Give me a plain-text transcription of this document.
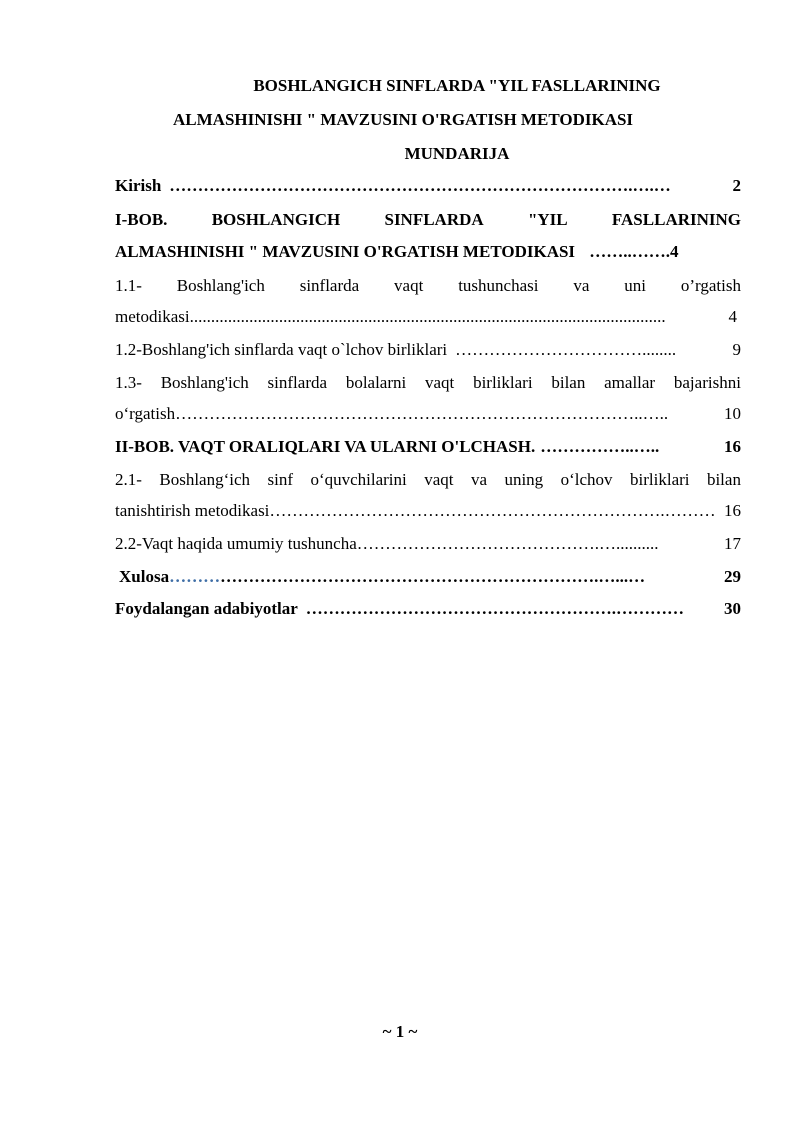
BOSHLANGICH SINFLARDA "YIL FASLLARINING
ALMASHINISHI " MAVZUSINI O'RGATISH METODIKASI
MUNDARIJA
Kirish ……………………………………………………………………….….…	2
I-BOB.	BOSHLANGICH	SINFLARDA	"YIL	FASLLARINING
ALMASHINISHI " MAVZUSINI O'RGATISH METODIKASI ……..…….4
1.1- Boshlang'ich sinflarda vaqt tushunchasi va uni o’rgatish
metodikasi ................................................................................................................	4
1.2-Boshlang'ich sinflarda vaqt o`lchov birliklari ……………………………........	9
1.3- Boshlang'ich sinflarda bolalarni vaqt birliklari bilan amallar bajarishni
o‘rgatish ………………………………………………………………………..…..	10
II-BOB. VAQT ORALIQLARI VA ULARNI O'LCHASH. ……………..…..	16
2.1- Boshlang‘ich sinf o‘quvchilarini vaqt va uning o‘lchov birliklari bilan
tanishtirish metodikasi …………………………………………………………….……… 16
2.2-Vaqt haqida umumiy tushuncha …………………………………….…..........	17
Xulosa ……… ………………………………………………………….…...…	29
Foydalangan adabiyotlar ……………………………………………….…………	30
~ 1 ~
